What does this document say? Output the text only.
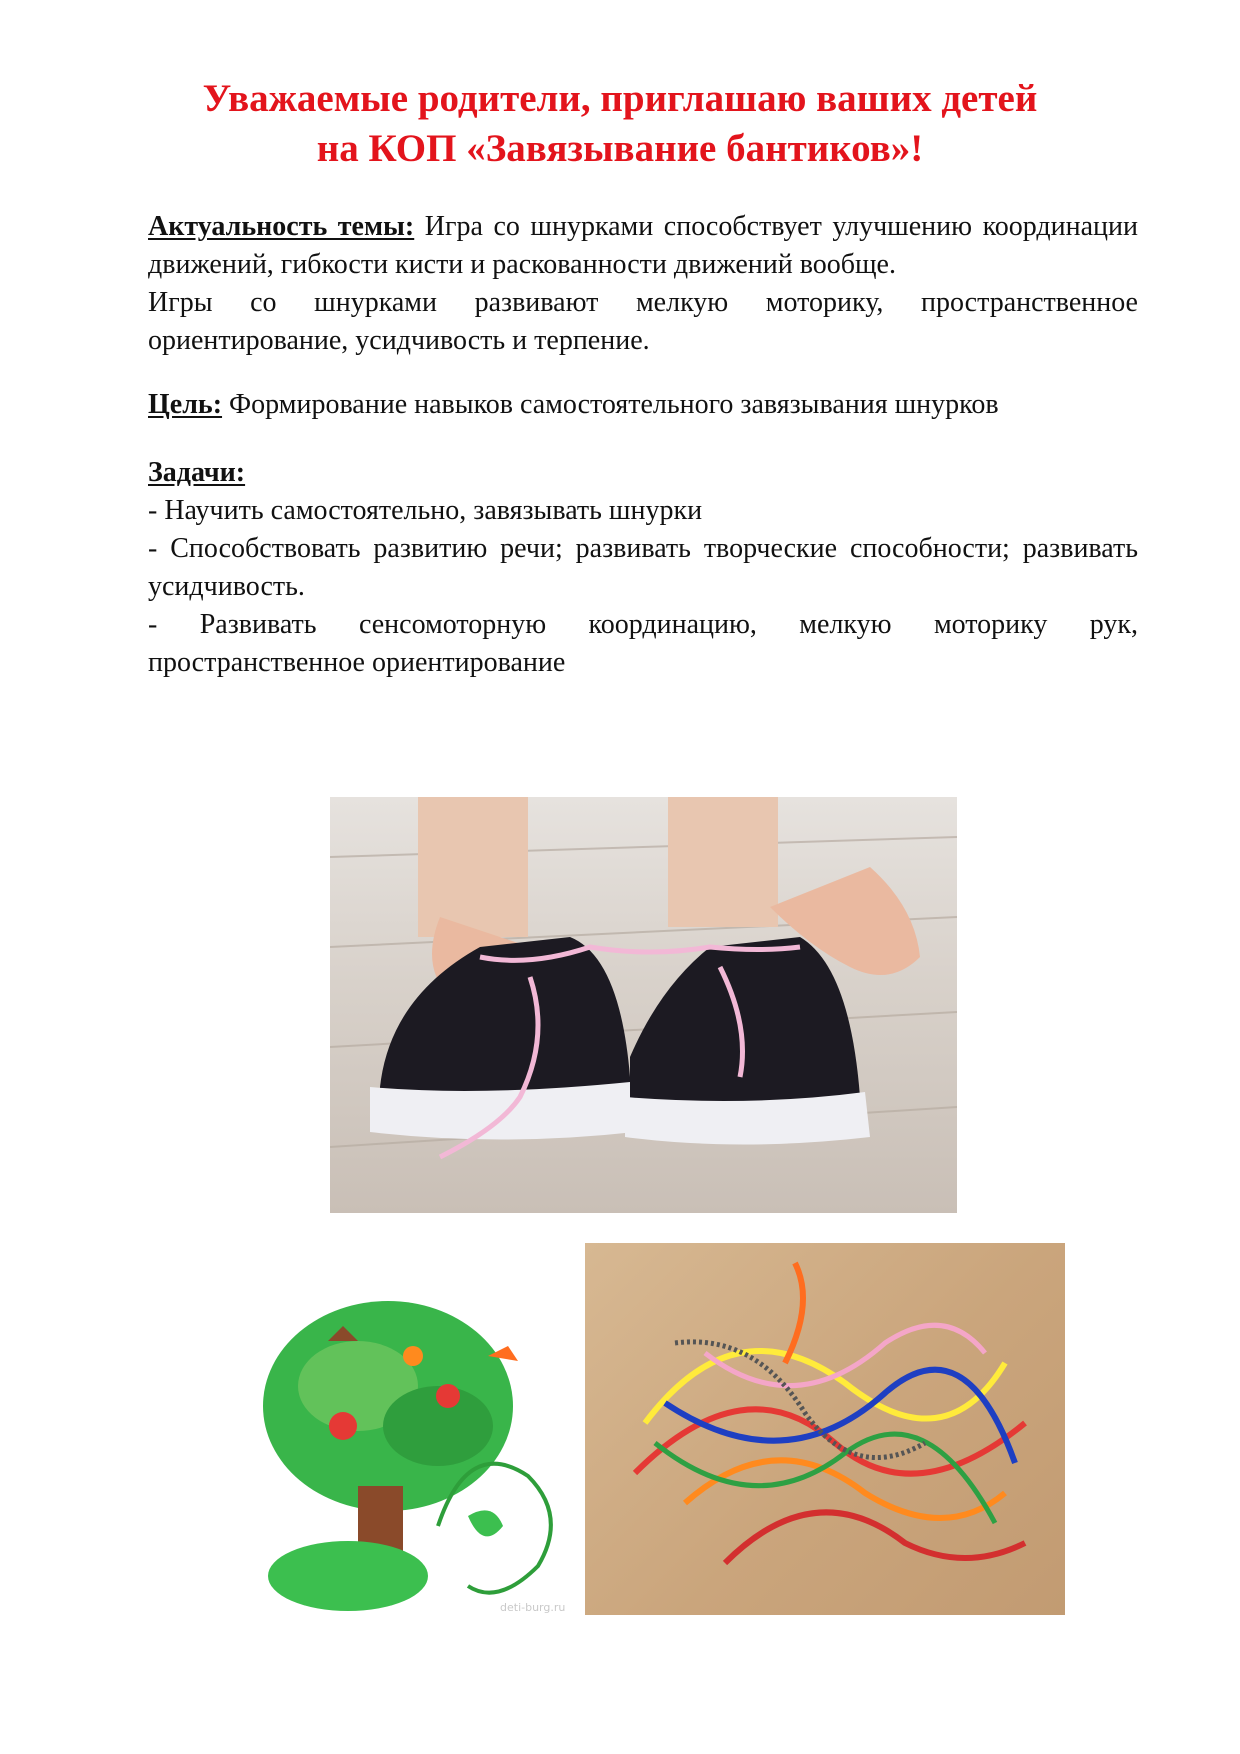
Уважаемые родители, приглашаю ваших детей
на КОП «Завязывание бантиков»!

Актуальность темы: Игра со шнурками способствует улучшению координации движений, гибкости кисти и раскованности движений вообще.

Игры со шнурками развивают мелкую моторику, пространственное ориентирование, усидчивость и терпение.

Цель: Формирование навыков самостоятельного завязывания шнурков

Задачи:

- Научить самостоятельно, завязывать шнурки

- Способствовать развитию речи; развивать творческие способности; развивать усидчивость.

- Развивать сенсомоторную координацию, мелкую моторику рук, пространственное ориентирование

deti-burg.ru
